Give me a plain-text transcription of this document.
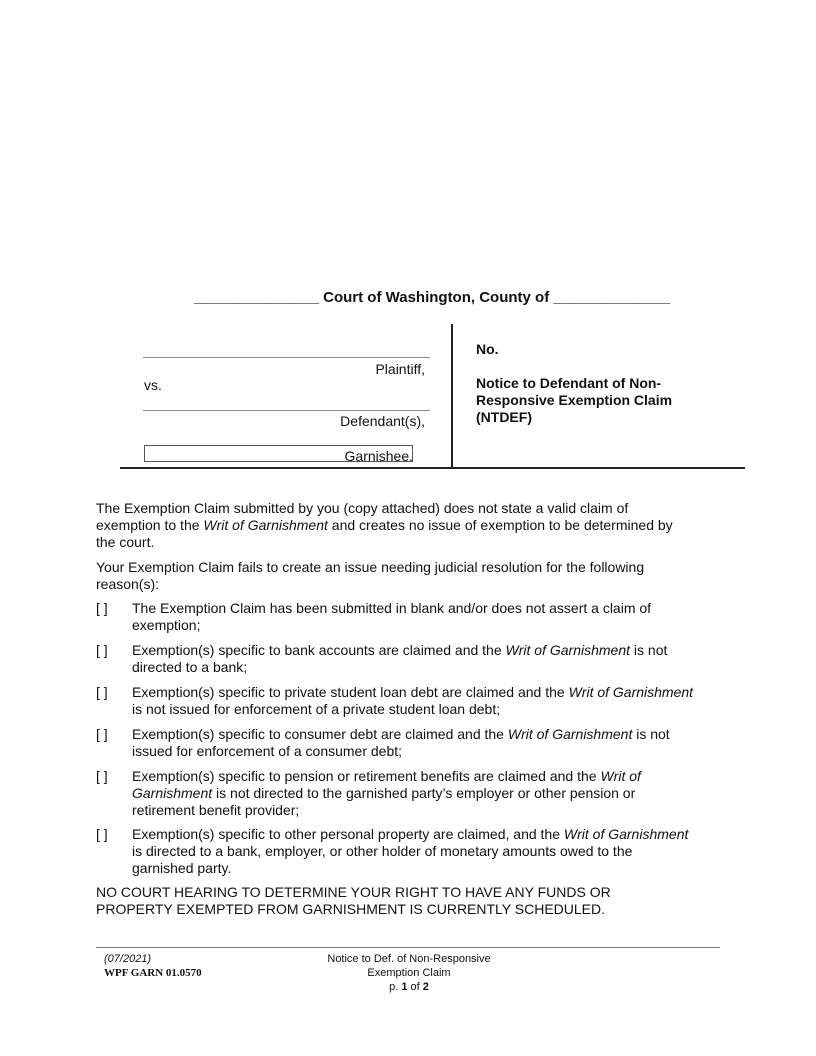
_______________ Court of Washington, County of ______________
Plaintiff,
vs.
Defendant(s),
Garnishee.
No.
Notice to Defendant of Non-
Responsive Exemption Claim
(NTDEF)

The Exemption Claim submitted by you (copy attached) does not state a valid claim of

exemption to the Writ of Garnishment and creates no issue of exemption to be determined by

the court.

Your Exemption Claim fails to create an issue needing judicial resolution for the following

reason(s):

[ ] The Exemption Claim has been submitted in blank and/or does not assert a claim of
exemption;
[ ] Exemption(s) specific to bank accounts are claimed and the Writ of Garnishment is not
directed to a bank;
[ ] Exemption(s) specific to private student loan debt are claimed and the Writ of Garnishment
is not issued for enforcement of a private student loan debt;
[ ] Exemption(s) specific to consumer debt are claimed and the Writ of Garnishment is not
issued for enforcement of a consumer debt;
[ ] Exemption(s) specific to pension or retirement benefits are claimed and the Writ of
Garnishment is not directed to the garnished party’s employer or other pension or
retirement benefit provider;
[ ] Exemption(s) specific to other personal property are claimed, and the Writ of Garnishment
is directed to a bank, employer, or other holder of monetary amounts owed to the
garnished party.

NO COURT HEARING TO DETERMINE YOUR RIGHT TO HAVE ANY FUNDS OR

PROPERTY EXEMPTED FROM GARNISHMENT IS CURRENTLY SCHEDULED.

(07/2021)
WPF GARN 01.0570
Notice to Def. of Non-Responsive
Exemption Claim
p. 1 of 2
